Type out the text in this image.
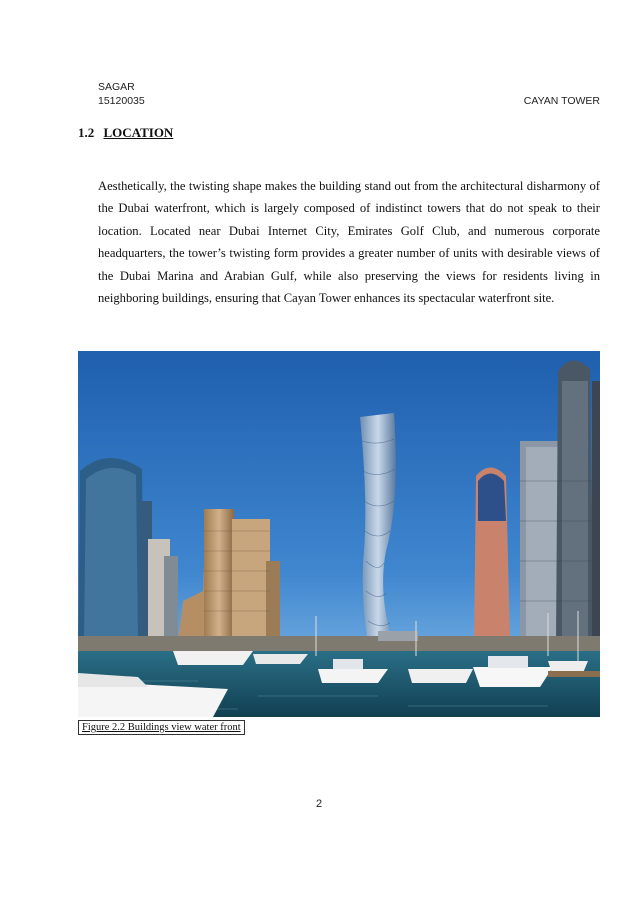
SAGAR
15120035	CAYAN TOWER
1.2 LOCATION
Aesthetically, the twisting shape makes the building stand out from the architectural disharmony of the Dubai waterfront, which is largely composed of indistinct towers that do not speak to their location. Located near Dubai Internet City, Emirates Golf Club, and numerous corporate headquarters, the tower’s twisting form provides a greater number of units with desirable views of the Dubai Marina and Arabian Gulf, while also preserving the views for residents living in neighboring buildings, ensuring that Cayan Tower enhances its spectacular waterfront site.
Figure 2.2 Buildings view water front
2
